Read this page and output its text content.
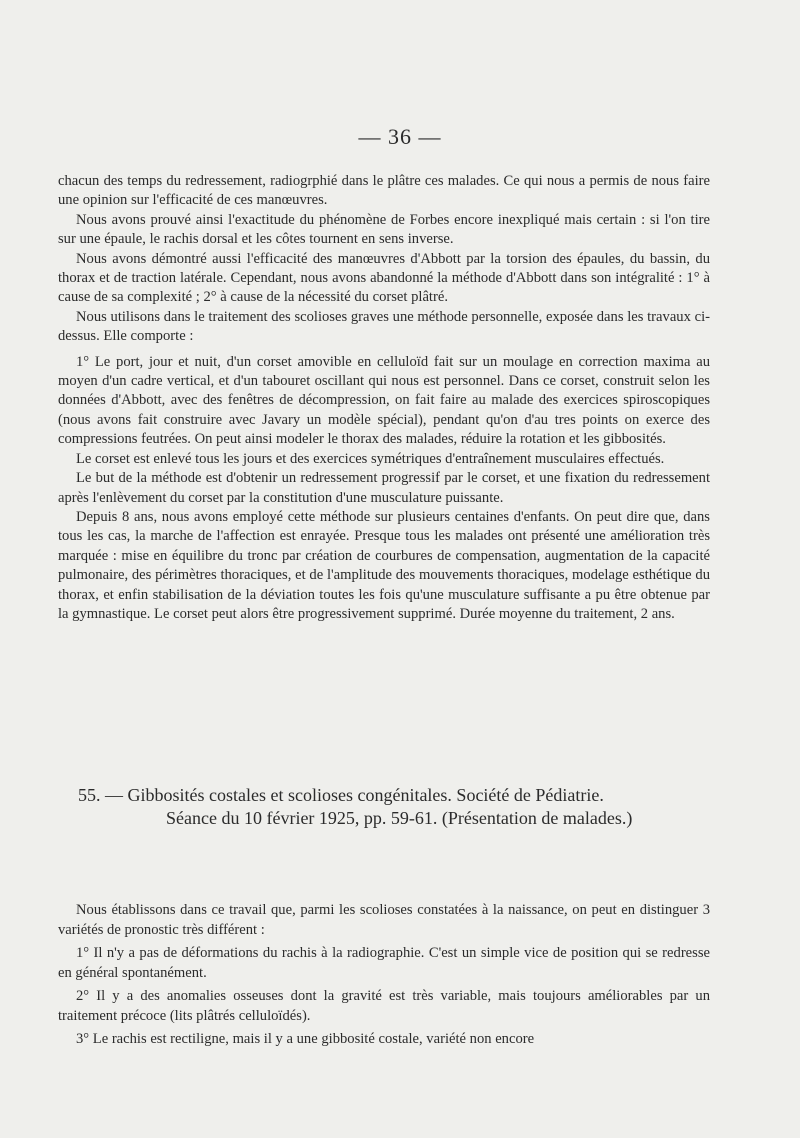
— 36 —

chacun des temps du redressement, radiogrphié dans le plâtre ces malades. Ce qui nous a permis de nous faire une opinion sur l'efficacité de ces manœuvres.

Nous avons prouvé ainsi l'exactitude du phénomène de Forbes encore inexpliqué mais certain : si l'on tire sur une épaule, le rachis dorsal et les côtes tournent en sens inverse.

Nous avons démontré aussi l'efficacité des manœuvres d'Abbott par la torsion des épaules, du bassin, du thorax et de traction latérale. Cependant, nous avons abandonné la méthode d'Abbott dans son intégralité : 1° à cause de sa complexité ; 2° à cause de la nécessité du corset plâtré.

Nous utilisons dans le traitement des scolioses graves une méthode personnelle, exposée dans les travaux ci-dessus. Elle comporte :

1° Le port, jour et nuit, d'un corset amovible en celluloïd fait sur un moulage en correction maxima au moyen d'un cadre vertical, et d'un tabouret oscillant qui nous est personnel. Dans ce corset, construit selon les données d'Abbott, avec des fenêtres de décompression, on fait faire au malade des exercices spiroscopiques (nous avons fait construire avec Javary un modèle spécial), pendant qu'on d'au tres points on exerce des compressions feutrées. On peut ainsi modeler le thorax des malades, réduire la rotation et les gibbosités.

Le corset est enlevé tous les jours et des exercices symétriques d'entraînement musculaires effectués.

Le but de la méthode est d'obtenir un redressement progressif par le corset, et une fixation du redressement après l'enlèvement du corset par la constitution d'une musculature puissante.

Depuis 8 ans, nous avons employé cette méthode sur plusieurs centaines d'enfants. On peut dire que, dans tous les cas, la marche de l'affection est enrayée. Presque tous les malades ont présenté une amélioration très marquée : mise en équilibre du tronc par création de courbures de compensation, augmentation de la capacité pulmonaire, des périmètres thoraciques, et de l'amplitude des mouvements thoraciques, modelage esthétique du thorax, et enfin stabilisation de la déviation toutes les fois qu'une musculature suffisante a pu être obtenue par la gymnastique. Le corset peut alors être progressivement supprimé. Durée moyenne du traitement, 2 ans.

55. — Gibbosités costales et scolioses congénitales. Société de Pédiatrie.
Séance du 10 février 1925, pp. 59-61. (Présentation de malades.)

Nous établissons dans ce travail que, parmi les scolioses constatées à la naissance, on peut en distinguer 3 variétés de pronostic très différent :

1° Il n'y a pas de déformations du rachis à la radiographie. C'est un simple vice de position qui se redresse en général spontanément.

2° Il y a des anomalies osseuses dont la gravité est très variable, mais toujours améliorables par un traitement précoce (lits plâtrés celluloïdés).

3° Le rachis est rectiligne, mais il y a une gibbosité costale, variété non encore
